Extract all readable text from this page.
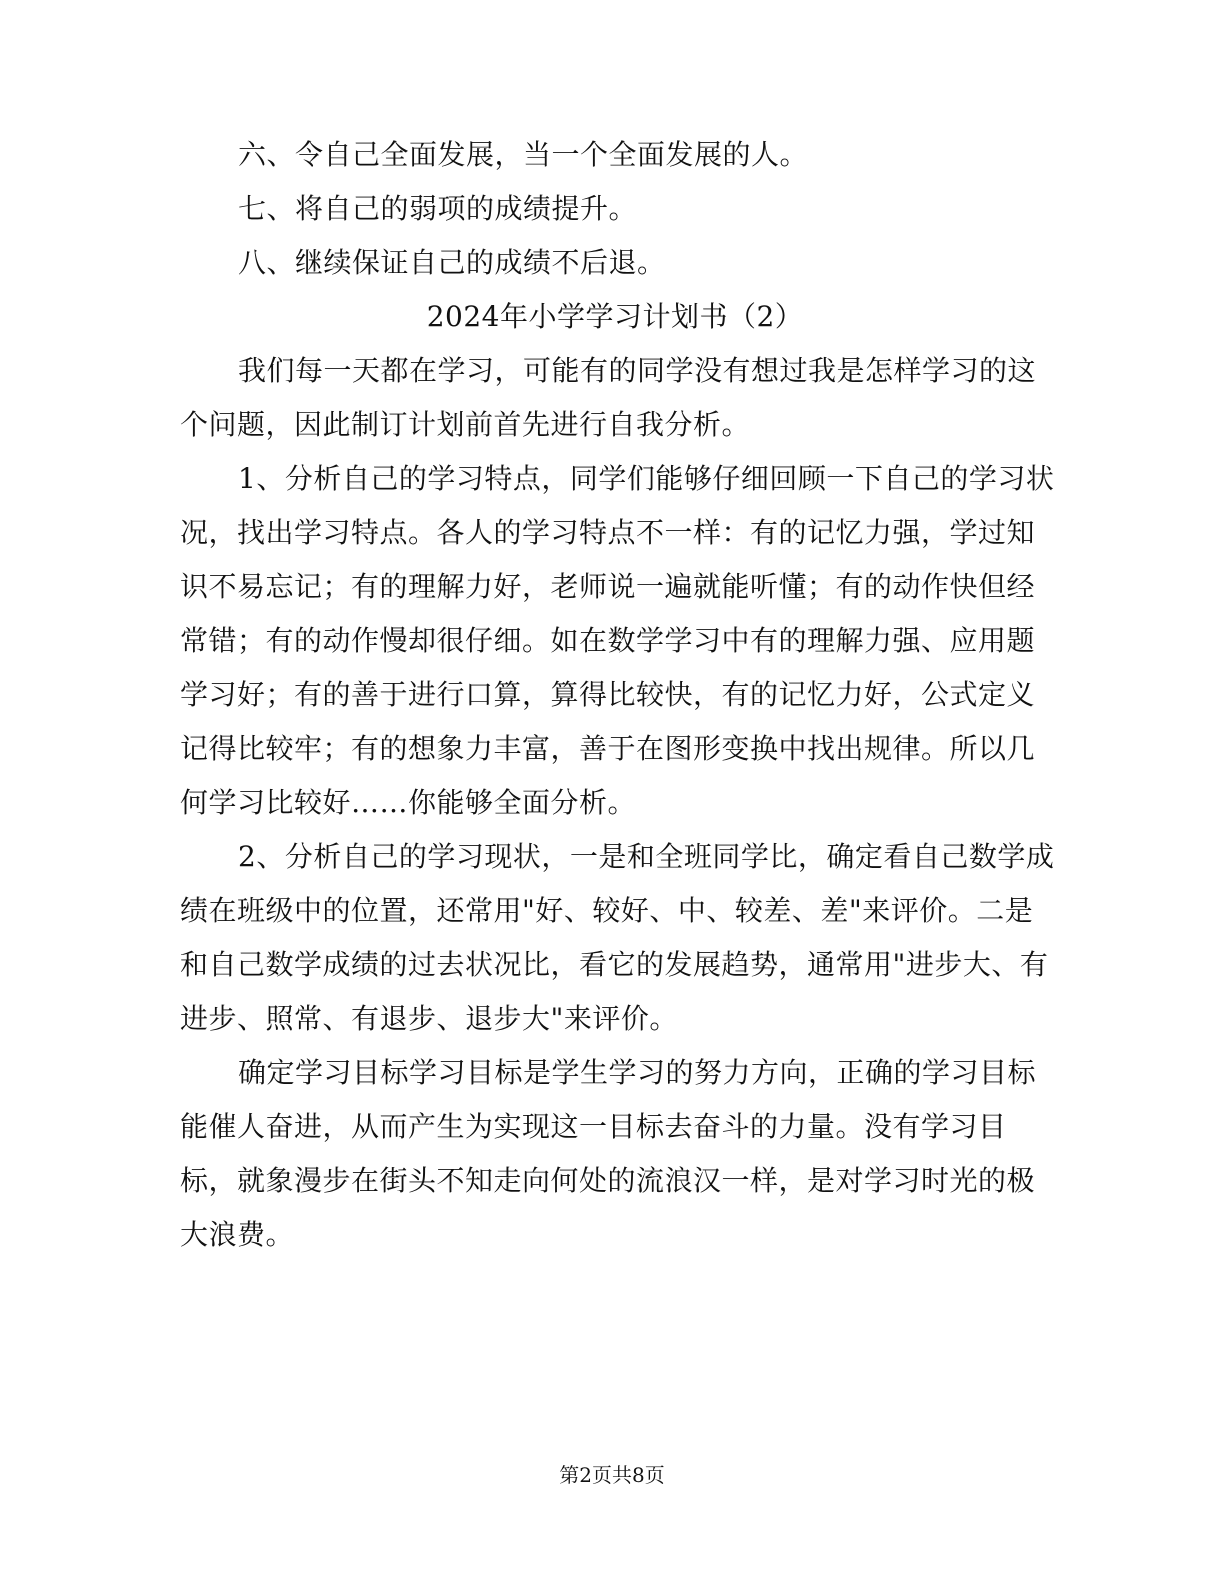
六、令自己全面发展，当一个全面发展的人。
七、将自己的弱项的成绩提升。
八、继续保证自己的成绩不后退。
2024年小学学习计划书（2）
我们每一天都在学习，可能有的同学没有想过我是怎样学习的这
个问题，因此制订计划前首先进行自我分析。
1、分析自己的学习特点，同学们能够仔细回顾一下自己的学习状
况，找出学习特点。各人的学习特点不一样：有的记忆力强，学过知
识不易忘记；有的理解力好，老师说一遍就能听懂；有的动作快但经
常错；有的动作慢却很仔细。如在数学学习中有的理解力强、应用题
学习好；有的善于进行口算，算得比较快，有的记忆力好，公式定义
记得比较牢；有的想象力丰富，善于在图形变换中找出规律。所以几
何学习比较好……你能够全面分析。
2、分析自己的学习现状，一是和全班同学比，确定看自己数学成
绩在班级中的位置，还常用"好、较好、中、较差、差"来评价。二是
和自己数学成绩的过去状况比，看它的发展趋势，通常用"进步大、有
进步、照常、有退步、退步大"来评价。
确定学习目标学习目标是学生学习的努力方向，正确的学习目标
能催人奋进，从而产生为实现这一目标去奋斗的力量。没有学习目
标，就象漫步在街头不知走向何处的流浪汉一样，是对学习时光的极
大浪费。
第2页共8页
